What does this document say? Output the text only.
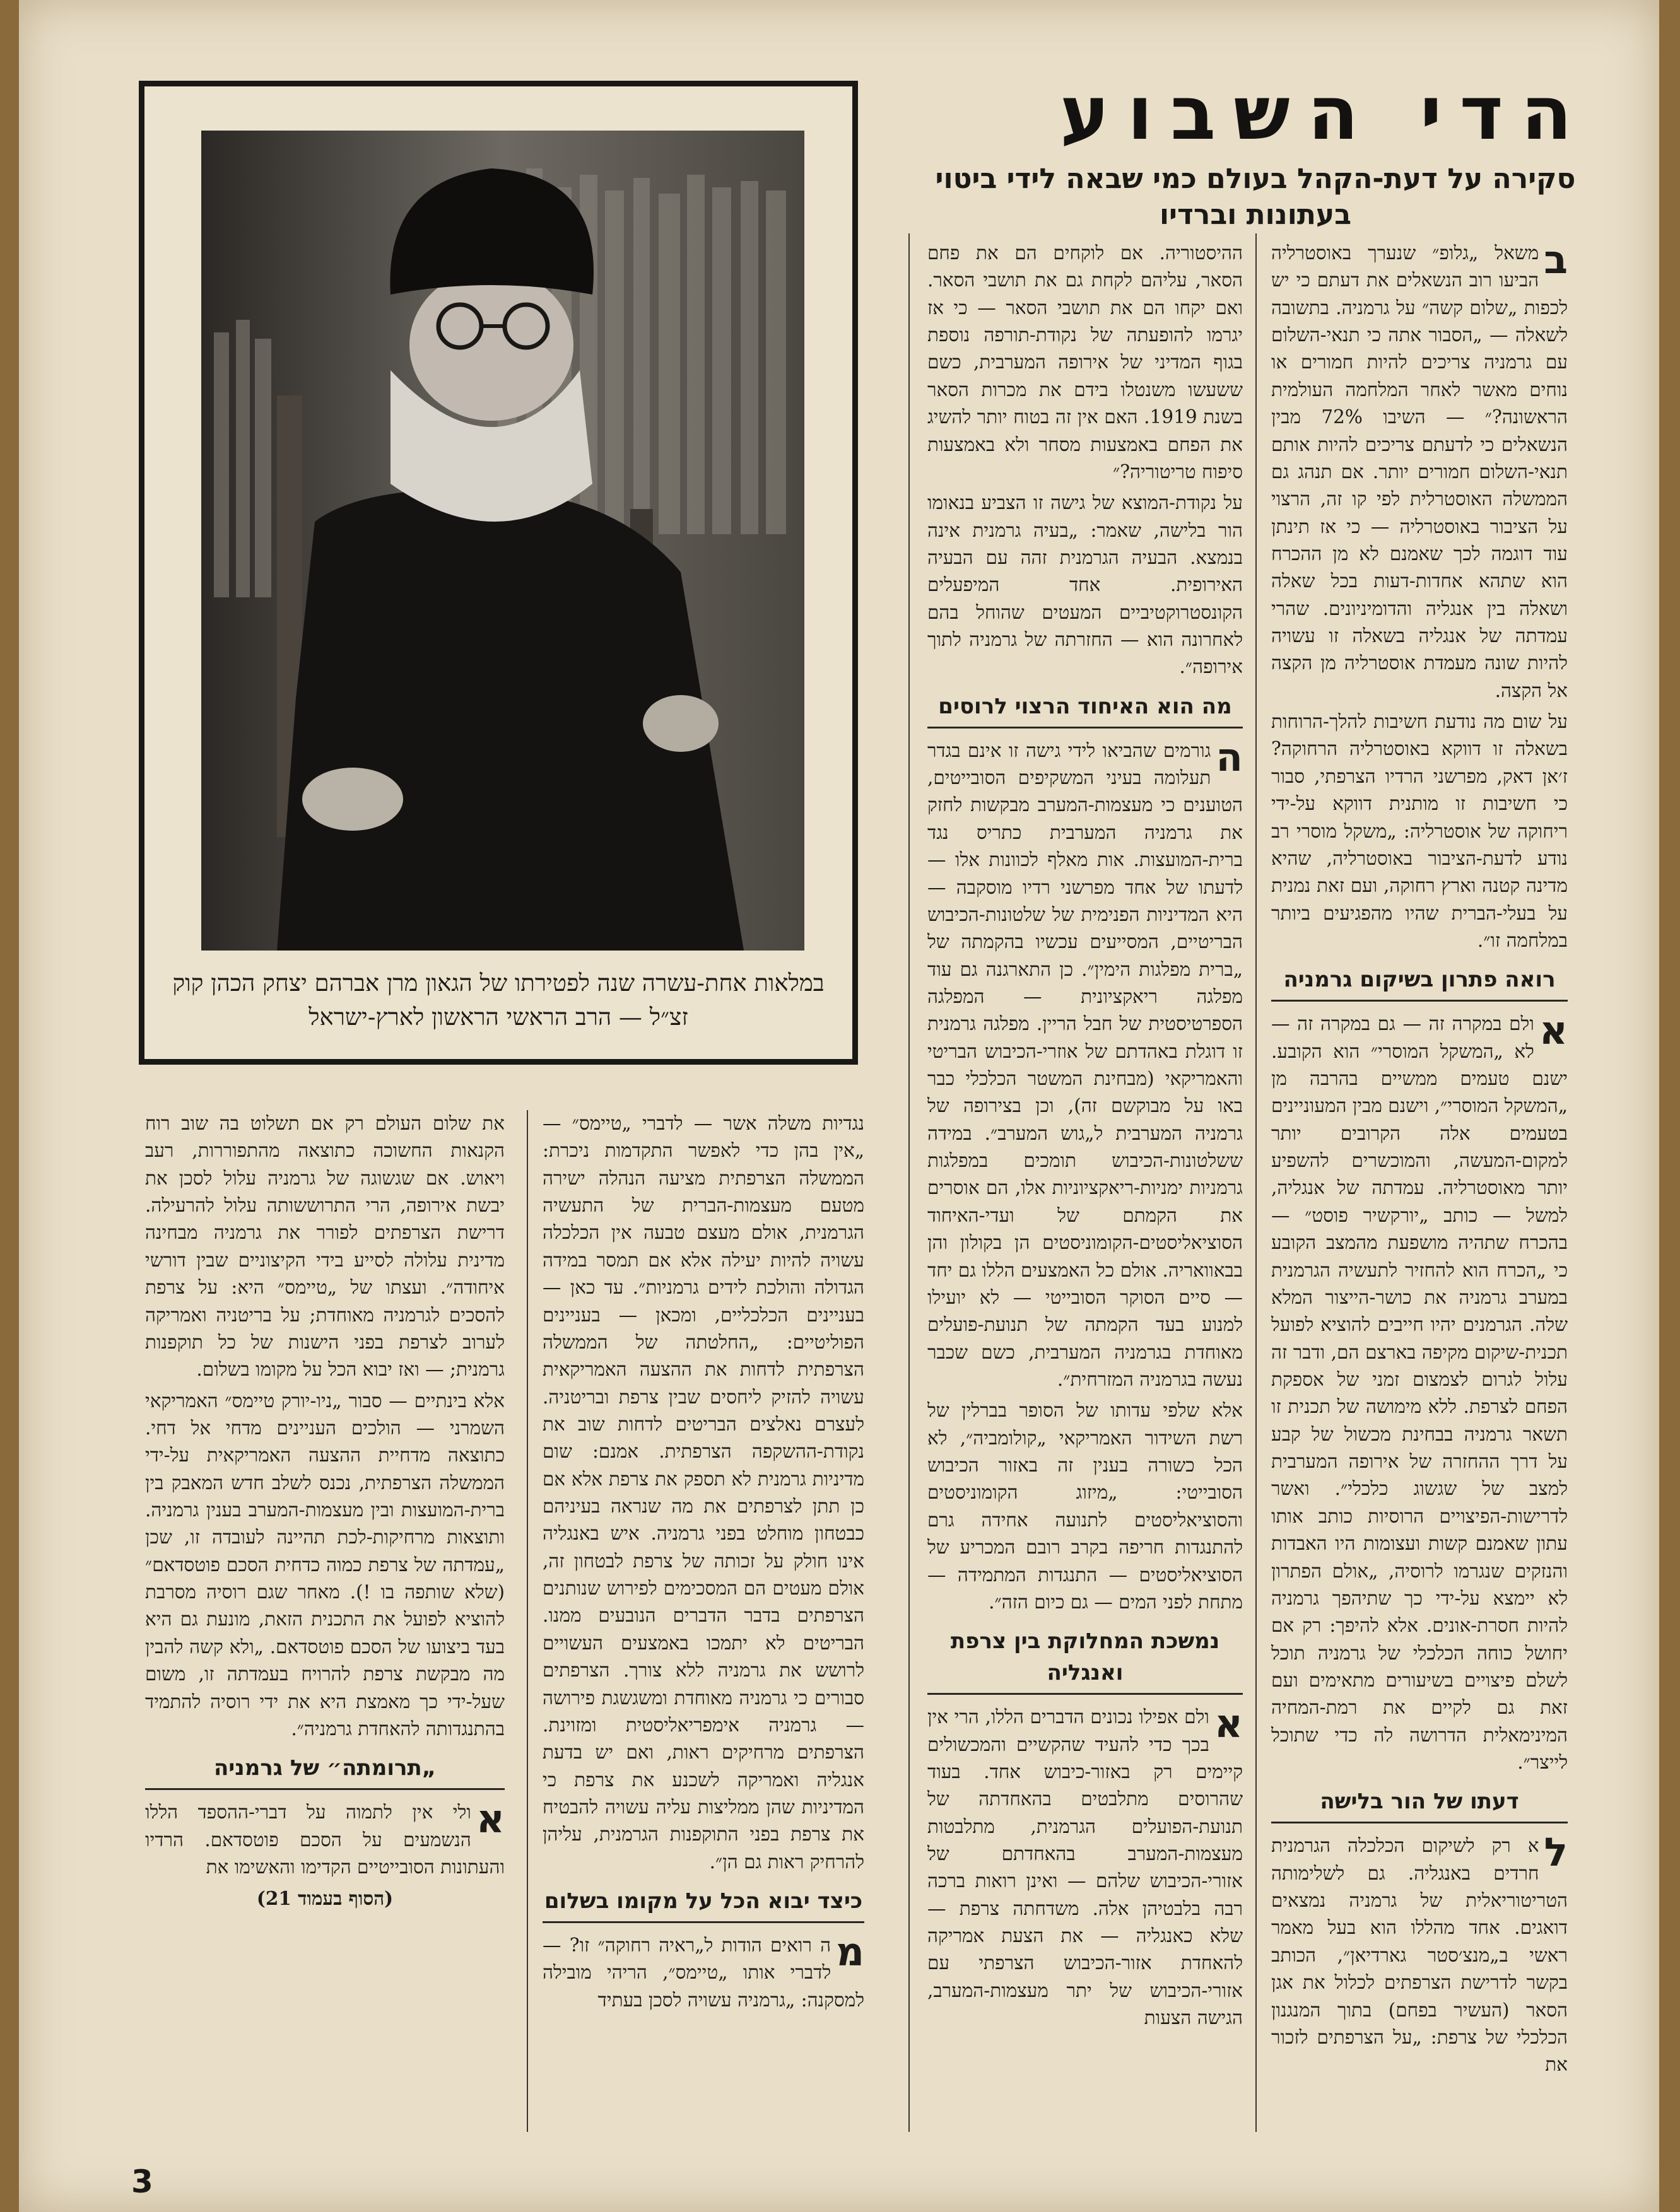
הדי השבוע
סקירה על דעת-הקהל בעולם כמי שבאה לידי ביטוי בעתונות וברדיו
במלאות אחת-עשרה שנה לפטירתו של הגאון מרן אברהם יצחק הכהן קוק זצ״ל — הרב הראשי הראשון לארץ-ישראל

ב
משאל „גלופ״ שנערך באוסטרליה הביעו רוב הנשאלים את דעתם כי יש לכפות „שלום קשה״ על גרמניה. בתשובה לשאלה — „הסבור אתה כי תנאי-השלום עם גרמניה צריכים להיות חמורים או נוחים מאשר לאחר המלחמה העולמית הראשונה?״ — השיבו 72% מבין הנשאלים כי לדעתם צריכים להיות אותם תנאי-השלום חמורים יותר. אם תנהג גם הממשלה האוסטרלית לפי קו זה, הרצוי על הציבור באוסטרליה — כי אז תינתן עוד דוגמה לכך שאמנם לא מן ההכרח הוא שתהא אחדות-דעות בכל שאלה ושאלה בין אנגליה והדומיניונים. שהרי עמדתה של אנגליה בשאלה זו עשויה להיות שונה מעמדת אוסטרליה מן הקצה אל הקצה.

על שום מה נודעת חשיבות להלך-הרוחות בשאלה זו דווקא באוסטרליה הרחוקה? ז׳אן דאק, מפרשני הרדיו הצרפתי, סבור כי חשיבות זו מותנית דווקא על-ידי ריחוקה של אוסטרליה: „משקל מוסרי רב נודע לדעת-הציבור באוסטרליה, שהיא מדינה קטנה וארץ רחוקה, ועם זאת נמנית על בעלי-הברית שהיו מהפגיעים ביותר במלחמה זו״.

רואה פתרון בשיקום גרמניה

א
ולם במקרה זה — גם במקרה זה — לא „המשקל המוסרי״ הוא הקובע. ישנם טעמים ממשיים בהרבה מן „המשקל המוסרי״, וישנם מבין המעוניינים בטעמים אלה הקרובים יותר למקום-המעשה, והמוכשרים להשפיע יותר מאוסטרליה. עמדתה של אנגליה, למשל — כותב „יורקשיר פוסט״ — בהכרח שתהיה מושפעת מהמצב הקובע כי „הכרח הוא להחזיר לתעשיה הגרמנית במערב גרמניה את כושר-הייצור המלא שלה. הגרמנים יהיו חייבים להוציא לפועל תכנית-שיקום מקיפה בארצם הם, ודבר זה עלול לגרום לצמצום זמני של אספקת הפחם לצרפת. ללא מימושה של תכנית זו תשאר גרמניה בבחינת מכשול של קבע על דרך ההחזרה של אירופה המערבית למצב של שגשוג כלכלי״. ואשר לדרישות-הפיצויים הרוסיות כותב אותו עתון שאמנם קשות ועצומות היו האבדות והנזקים שנגרמו לרוסיה, „אולם הפתרון לא יימצא על-ידי כך שתיהפך גרמניה להיות חסרת-אונים. אלא להיפך: רק אם יחושל כוחה הכלכלי של גרמניה תוכל לשלם פיצויים בשיעורים מתאימים ועם זאת גם לקיים את רמת-המחיה המינימאלית הדרושה לה כדי שתוכל לייצר״.

דעתו של הור בלישה

ל
א רק לשיקום הכלכלה הגרמנית חרדים באנגליה. גם לשלימותה הטריטוריאלית של גרמניה נמצאים דואגים. אחד מהללו הוא בעל מאמר ראשי ב„מנצ׳סטר גארדיאן״, הכותב בקשר לדרישת הצרפתים לכלול את אגן הסאר (העשיר בפחם) בתוך המנגנון הכלכלי של צרפת: „על הצרפתים לזכור את

ההיסטוריה. אם לוקחים הם את פחם הסאר, עליהם לקחת גם את תושבי הסאר. ואם יקחו הם את תושבי הסאר — כי אז יגרמו להופעתה של נקודת-תורפה נוספת בגוף המדיני של אירופה המערבית, כשם ששעשו משנטלו בידם את מכרות הסאר בשנת 1919. האם אין זה בטוח יותר להשיג את הפחם באמצעות מסחר ולא באמצעות סיפוח טריטוריה?״

על נקודת-המוצא של גישה זו הצביע בנאומו הור בלישה, שאמר: „בעיה גרמנית אינה בנמצא. הבעיה הגרמנית זהה עם הבעיה האירופית. אחד המיפעלים הקונסטרוקטיביים המעטים שהוחל בהם לאחרונה הוא — החזרתה של גרמניה לתוך אירופה״.

מה הוא האיחוד הרצוי לרוסים

ה
גורמים שהביאו לידי גישה זו אינם בגדר תעלומה בעיני המשקיפים הסובייטים, הטוענים כי מעצמות-המערב מבקשות לחזק את גרמניה המערבית כתריס נגד ברית-המועצות. אות מאלף לכוונות אלו — לדעתו של אחד מפרשני רדיו מוסקבה — היא המדיניות הפנימית של שלטונות-הכיבוש הבריטיים, המסייעים עכשיו בהקמתה של „ברית מפלגות הימין״. כן התארגנה גם עוד מפלגה ריאקציונית — המפלגה הספרטיסטית של חבל הריין. מפלגה גרמנית זו דוגלת באהדתם של אוזרי-הכיבוש הבריטי והאמריקאי (מבחינת המשטר הכלכלי כבר באו על מבוקשם זה), וכן בצירופה של גרמניה המערבית ל„גוש המערב״. במידה ששלטונות-הכיבוש תומכים במפלגות גרמניות ימניות-ריאקציוניות אלו, הם אוסרים את הקמתם של ועדי-האיחוד הסוציאליסטים-הקומוניסטים הן בקולון והן בבאוואריה. אולם כל האמצעים הללו גם יחד — סיים הסוקר הסובייטי — לא יועילו למנוע בעד הקמתה של תנועת-פועלים מאוחדת בגרמניה המערבית, כשם שכבר נעשה בגרמניה המזרחית״.

אלא שלפי עדותו של הסופר בברלין של רשת השידור האמריקאי „קולומביה״, לא הכל כשורה בענין זה באזור הכיבוש הסובייטי: „מיזוג הקומוניסטים והסוציאליסטים לתנועה אחידה גרם להתנגדות חריפה בקרב רובם המכריע של הסוציאליסטים — התנגדות המתמידה — מתחת לפני המים — גם כיום הזה״.

נמשכת המחלוקת בין צרפת ואנגליה

א
ולם אפילו נכונים הדברים הללו, הרי אין בכך כדי להעיד שהקשיים והמכשולים קיימים רק באזור-כיבוש אחד. בעוד שהרוסים מתלבטים בהאחדתה של תנועת-הפועלים הגרמנית, מתלבטות מעצמות-המערב בהאחדתם של אזורי-הכיבוש שלהם — ואינן רואות ברכה רבה בלבטיהן אלה. משדחתה צרפת — שלא כאנגליה — את הצעת אמריקה להאחדת אזור-הכיבוש הצרפתי עם אזורי-הכיבוש של יתר מעצמות-המערב, הגישה הצעות

נגדיות משלה אשר — לדברי „טיימס״ — „אין בהן כדי לאפשר התקדמות ניכרת: הממשלה הצרפתית מציעה הנהלה ישירה מטעם מעצמות-הברית של התעשיה הגרמנית, אולם מעצם טבעה אין הכלכלה עשויה להיות יעילה אלא אם תמסר במידה הגדולה והולכת לידים גרמניות״. עד כאן — בעניינים הכלכליים, ומכאן — בעניינים הפוליטיים: „החלטתה של הממשלה הצרפתית לדחות את ההצעה האמריקאית עשויה להזיק ליחסים שבין צרפת ובריטניה. לעצרם נאלצים הבריטים לדחות שוב את נקודת-ההשקפה הצרפתית. אמנם: שום מדיניות גרמנית לא תספק את צרפת אלא אם כן תתן לצרפתים את מה שנראה בעיניהם כבטחון מוחלט בפני גרמניה. איש באנגליה אינו חולק על זכותה של צרפת לבטחון זה, אולם מעטים הם המסכימים לפירוש שנותנים הצרפתים בדבר הדברים הנובעים ממנו. הבריטים לא יתמכו באמצעים העשויים לרושש את גרמניה ללא צורך. הצרפתים סבורים כי גרמניה מאוחדת ומשגשגת פירושה — גרמניה אימפריאליסטית ומזוינת. הצרפתים מרחיקים ראות, ואם יש בדעת אנגליה ואמריקה לשכנע את צרפת כי המדיניות שהן ממליצות עליה עשויה להבטיח את צרפת בפני התוקפנות הגרמנית, עליהן להרחיק ראות גם הן״.

כיצד יבוא הכל על מקומו בשלום

מ
ה רואים הודות ל„ראיה רחוקה״ זו? — לדברי אותו „טיימס״, הריהי מובילה למסקנה: „גרמניה עשויה לסכן בעתיד

את שלום העולם רק אם תשלוט בה שוב רוח הקנאות החשוכה כתוצאה מהתפוררות, רעב ויאוש. אם שגשוגה של גרמניה עלול לסכן את יבשת אירופה, הרי התרוששותה עלול להרעילה. דרישת הצרפתים לפורר את גרמניה מבחינה מדינית עלולה לסייע בידי הקיצוניים שבין דורשי איחודה״. ועצתו של „טיימס״ היא: על צרפת להסכים לגרמניה מאוחדת; על בריטניה ואמריקה לערוב לצרפת בפני הישנות של כל תוקפנות גרמנית; — ואז יבוא הכל על מקומו בשלום.

אלא בינתיים — סבור „ניו-יורק טיימס״ האמריקאי השמרני — הולכים העניינים מדחי אל דחי. כתוצאה מדחיית ההצעה האמריקאית על-ידי הממשלה הצרפתית, נכנס לשלב חדש המאבק בין ברית-המועצות ובין מעצמות-המערב בענין גרמניה. ותוצאות מרחיקות-לכת תהיינה לעובדה זו, שכן „עמדתה של צרפת כמוה כדחית הסכם פוטסדאם״ (שלא שותפה בו !). מאחר שגם רוסיה מסרבת להוציא לפועל את התכנית הזאת, מונעת גם היא בעד ביצועו של הסכם פוטסדאם. „ולא קשה להבין מה מבקשת צרפת להרויח בעמדתה זו, משום שעל-ידי כך מאמצת היא את ידי רוסיה להתמיד בהתנגדותה להאחדת גרמניה״.

„תרומתה״ של גרמניה

א
ולי אין לתמוה על דברי-ההספד הללו הנשמעים על הסכם פוטסדאם. הרדיו והעתונות הסובייטיים הקדימו והאשימו את

(הסוף בעמוד 21)
3
